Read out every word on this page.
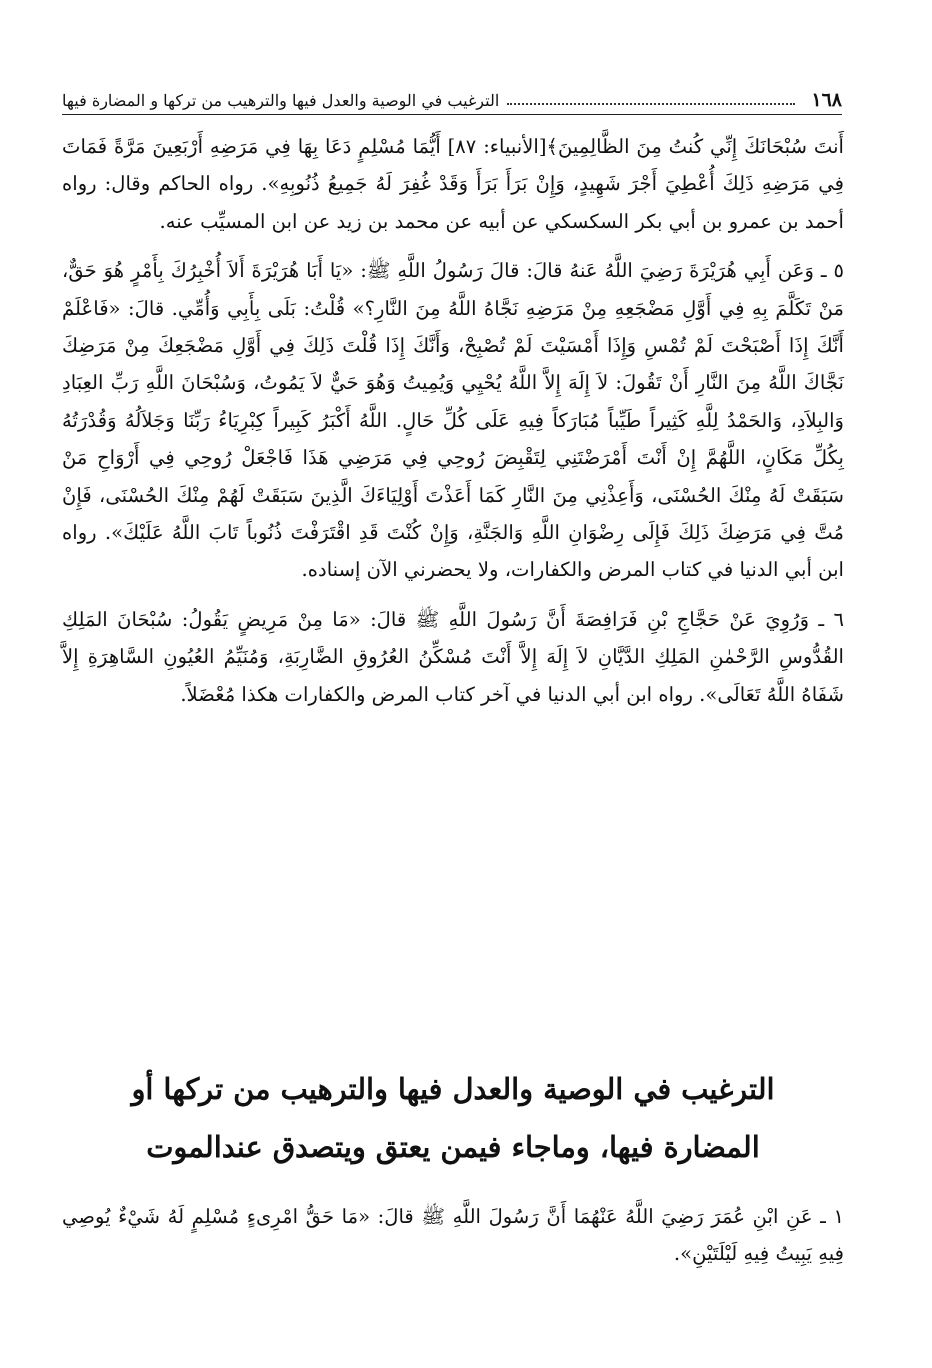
١٦٨
الترغيب في الوصية والعدل فيها والترهيب من تركها و المضارة فيها

أَنتَ سُبْحَانَكَ إِنِّي كُنتُ مِنَ الظَّالِمِينَ﴾[الأنبياء: ٨٧] أَيُّمَا مُسْلِمٍ دَعَا بِهَا فِي مَرَضِهِ أَرْبَعِينَ مَرَّةً فَمَاتَ فِي مَرَضِهِ ذَلِكَ أُعْطِيَ أَجْرَ شَهِيدٍ، وَإِنْ بَرَأَ بَرَأَ وَقَدْ غُفِرَ لَهُ جَمِيعُ ذُنُوبِهِ». رواه الحاكم وقال: رواه أحمد بن عمرو بن أبي بكر السكسكي عن أبيه عن محمد بن زيد عن ابن المسيِّب عنه.

٥ ـ وَعَن أَبِي هُرَيْرَةَ رَضِيَ اللَّهُ عَنهُ قالَ: قالَ رَسُولُ اللَّهِ ﷺ: «يَا أَبَا هُرَيْرَةَ أَلاَ أُخْبِرُكَ بِأَمْرٍ هُوَ حَقٌّ، مَنْ تَكَلَّمَ بِهِ فِي أَوَّلِ مَضْجَعِهِ مِنْ مَرَضِهِ نَجَّاهُ اللَّهُ مِنَ النَّارِ؟» قُلْتُ: بَلَى بِأَبِي وَأُمِّي. قالَ: «فَاعْلَمْ أَنَّكَ إِذَا أَصْبَحْتَ لَمْ تُمْسِ وَإِذَا أَمْسَيْتَ لَمْ تُصْبِحْ، وَأَنَّكَ إِذَا قُلْتَ ذَلِكَ فِي أَوَّلِ مَضْجَعِكَ مِنْ مَرَضِكَ نَجَّاكَ اللَّهُ مِنَ النَّارِ أَنْ تَقُولَ: لاَ إِلَهَ إِلاَّ اللَّهُ يُحْيِي وَيُمِيتُ وَهُوَ حَيٌّ لاَ يَمُوتُ، وَسُبْحَانَ اللَّهِ رَبِّ العِبَادِ وَالبِلاَدِ، وَالحَمْدُ لِلَّهِ كَثِيراً طَيِّباً مُبَارَكاً فِيهِ عَلَى كُلِّ حَالٍ. اللَّهُ أَكْبَرُ كَبِيراً كِبْرِيَاءُ رَبِّنَا وَجَلاَلُهُ وَقُدْرَتُهُ بِكُلِّ مَكَانٍ، اللَّهُمَّ إِنْ أَنْتَ أَمْرَضْتَنِي لِتَقْبِضَ رُوحِي فِي مَرَضِي هَذَا فَاجْعَلْ رُوحِي فِي أَرْوَاحِ مَنْ سَبَقَتْ لَهُ مِنْكَ الحُسْنَى، وَأَعِذْنِي مِنَ النَّارِ كَمَا أَعَذْتَ أَوْلِيَاءَكَ الَّذِينَ سَبَقَتْ لَهُمْ مِنْكَ الحُسْنَى، فَإِنْ مُتَّ فِي مَرَضِكَ ذَلِكَ فَإِلَى رِضْوَانِ اللَّهِ وَالجَنَّةِ، وَإِنْ كُنْتَ قَدِ اقْتَرَفْتَ ذُنُوباً تَابَ اللَّهُ عَلَيْكَ». رواه ابن أبي الدنيا في كتاب المرض والكفارات، ولا يحضرني الآن إسناده.

٦ ـ وَرُوِيَ عَنْ حَجَّاجِ بْنِ فَرَافِصَةَ أَنَّ رَسُولَ اللَّهِ ﷺ قالَ: «مَا مِنْ مَرِيضٍ يَقُولُ: سُبْحَانَ المَلِكِ القُدُّوسِ الرَّحْمٰنِ المَلِكِ الدَّيَّانِ لاَ إِلَهَ إِلاَّ أَنْتَ مُسْكِّنُ العُرُوقِ الضَّارِبَةِ، وَمُنَيِّمُ العُيُونِ السَّاهِرَةِ إِلاَّ شَفَاهُ اللَّهُ تَعَالَى». رواه ابن أبي الدنيا في آخر كتاب المرض والكفارات هكذا مُعْضَلاً.

الترغيب في الوصية والعدل فيها والترهيب من تركها أو
المضارة فيها، وماجاء فيمن يعتق ويتصدق عندالموت

١ ـ عَنِ ابْنِ عُمَرَ رَضِيَ اللَّهُ عَنْهُمَا أَنَّ رَسُولَ اللَّهِ ﷺ قالَ: «مَا حَقُّ امْرِىءٍ مُسْلِمٍ لَهُ شَيْءٌ يُوصِي فِيهِ يَبِيتُ فِيهِ لَيْلَتَيْنِ».
